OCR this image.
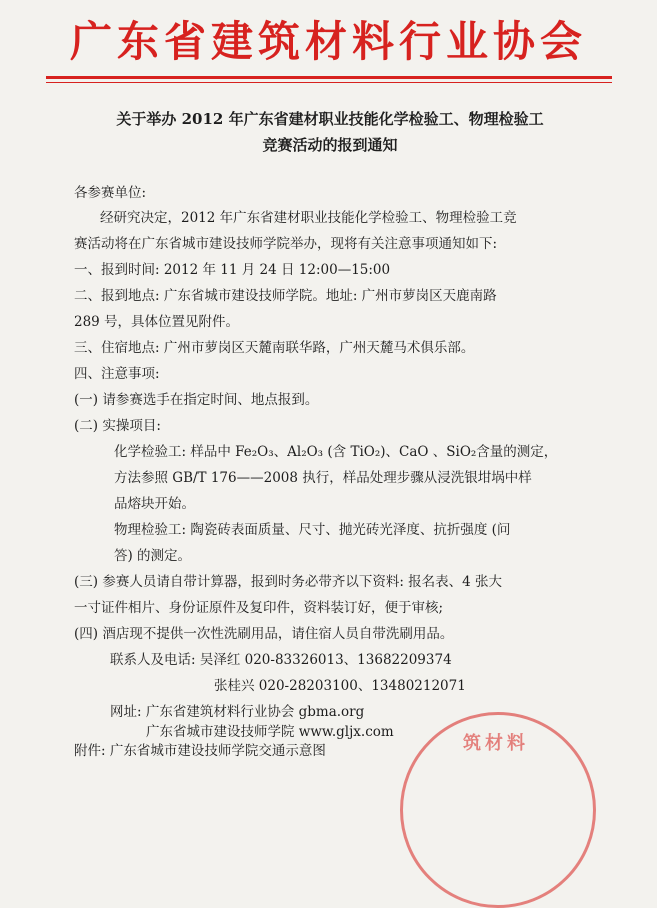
广东省建筑材料行业协会
关于举办 2012 年广东省建材职业技能化学检验工、物理检验工
竞赛活动的报到通知
各参赛单位:
经研究决定，2012 年广东省建材职业技能化学检验工、物理检验工竞
赛活动将在广东省城市建设技师学院举办，现将有关注意事项通知如下:
一、报到时间: 2012 年 11 月 24 日 12:00—15:00
二、报到地点: 广东省城市建设技师学院。地址: 广州市萝岗区天鹿南路
289 号，具体位置见附件。
三、住宿地点: 广州市萝岗区天麓南联华路，广州天麓马术俱乐部。
四、注意事项:
(一) 请参赛选手在指定时间、地点报到。
(二) 实操项目:
化学检验工: 样品中 Fe₂O₃、Al₂O₃ (含 TiO₂)、CaO 、SiO₂含量的测定，
方法参照 GB/T 176——2008 执行，样品处理步骤从浸洗银坩埚中样
品熔块开始。
物理检验工: 陶瓷砖表面质量、尺寸、抛光砖光泽度、抗折强度 (问
答) 的测定。
(三) 参赛人员请自带计算器，报到时务必带齐以下资料: 报名表、4 张大
一寸证件相片、身份证原件及复印件，资料装订好，便于审核;
(四) 酒店现不提供一次性洗刷用品，请住宿人员自带洗刷用品。
联系人及电话: 吴泽红 020-83326013、13682209374
张桂兴 020-28203100、13480212071
网址: 广东省建筑材料行业协会 gbma.org
广东省城市建设技师学院 www.gljx.com
附件: 广东省城市建设技师学院交通示意图	筑材料
